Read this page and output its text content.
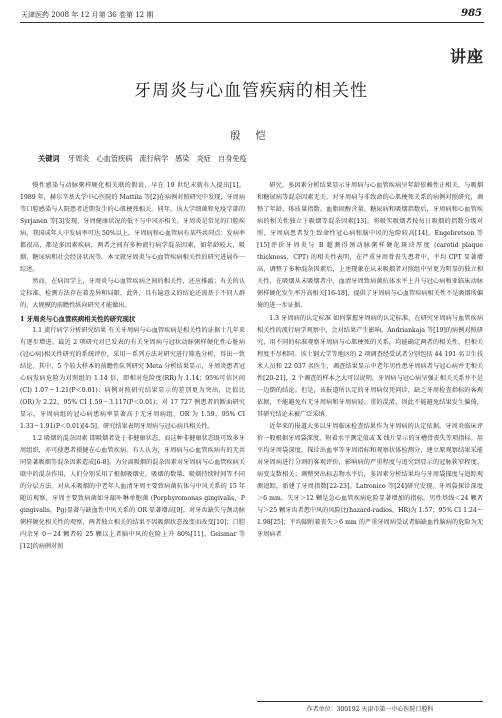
天津医药 2008 年 12 月第 36 卷第 12 期	985
讲座
牙周炎与心血管疾病的相关性
殷 恺
关键词 牙周炎 心血管疾病 流行病学 感染 炎症 自身免疫

慢性感染与动脉粥样硬化相关联的假说，早在 19 世纪末就有人提出[1]。1989 年，赫尔辛基大学中心医院的 Mattila 等[2]在病例对照研究中发现，牙周病等口腔感染与人院患者近期发生的心肌梗死相关。同年，该大学细菌和免疫学部的 Syrjanen 等[3]发现，牙周健康状况的低下与中风亦相关。牙周炎是常见的口腔疾病，我国成年人中发病率可达 50%以上。牙周病和心血管病有某些共同点：发病率都很高，都是多因素疾病，两者之间有多种流行病学混杂因素，如年龄较大、吸烟、糖尿病和社会经济状况等。本文就牙周炎与心血管疾病相关性的研究进展作一综述。

然而，在病因学上，牙周炎与心血管疾病之间的相关性，还应推敲；有关的认定标准、检测方法存在着差异和局限，此外，具有遍意义的结论还需基于不同人群的、大规模的前瞻性纵向研究才能做出。

1 牙周炎与心血管疾病相关性的研究现状

1.1 流行病学分析研究结果 有关牙周病与心血管疾病是相关性的证据十几年来有逐步增进。最近 2 项研究对已发表的有关牙周病与冠状动脉粥样硬化性心脏病(冠心病)相关性研究的系统评价，采用一系列方法对研究进行筛选分析，得出一致结论。其中，5 个较大样本的前瞻性队列研究 Meta 分析结果显示，牙周炎患者冠心病发病危险为对照组的 1.14 倍，即相对危险度(RR)为 1.14；95%可信区间(CI) 1.07～1.21(P＜0.01)；病例对照研究结果显示的差别更为突出，比值比(OR)为 2.22，95% CI 1.59～3.117(P＜0.01)；对 17 727 例患者的断面研究显示，牙周病组的冠心病患病率显著高于无牙周病组，OR 为 1.59，95% CI 1.33～1.91(P＜0.01)[4-5]。研究结果表明牙周病与冠心病具相关性。

1.2 吸烟的混杂因素 即吸烟者处于非健康状态，而这种非健康状态既可致多牙周组织，亦可使患者摄健在心血管疾病。有人认为，牙周病与心血管疾病有的无共同显著吸烟等混杂因素造成[6-8]。为分离吸烟的混杂因素对牙周病与心血管疾病关联中的混杂作用，人们分别采用了根据吸烟史、吸烟的数量、吸烟持续时间等不同的分层方法。对从未吸烟的中老年人血清牙周主要致病菌抗体与中风关系的 15 年随访观察，牙周主要致病菌如牙龈卟啉单胞菌 (Porphyromonas gingivalis，P gingivalis，Pg)显著与缺血性中风关系的 OR 显著增高[9]。对牙齿缺失与颈动脉粥样硬化相关性的观察，两者独立相关的结果不因吸烟状态改变而改变[10]；口腔内余牙 0～24 颗者较 25 颗以上者脑中风的危险上升 80%[11]。Geismar 等[12]的病例对照

研究，多因素分析结果显示牙周病与心血管疾病呈年龄依赖性正相关，与吸烟和糖尿病等混杂因素无关。对牙周病与非致命的心肌梗死关系的病例对照研究，调整了年龄、体质量指数、血脂固醇含量、糖尿病和吸烟指数后，牙周病和心血管疾病的相关性独立于吸烟等混杂因素[13]。将吸实吸烟者按每日吸烟的指数分级对照，牙周病患者发生致命性冠心病和脑中风的危险较高[14]。Engebretson 等[15]评价牙周炎与 B 超测得颈动脉粥样硬化斑块厚度 (carotid plaque thickness，CPT) 的相关性表明，在严重牙周骨丧失患者中，平均 CPT 显著增高，调整了多种混杂因素后，上述现象在从未吸烟者对照组中呈更为明显的独立相关性，在吸烟从未吸烟者中，血清牙周致病菌抗体水平上升与冠心病和亚临床动脉粥样硬化发生率升高相关[16-18]，提供了牙周病与心血管疾病相关性不是吸烟所偏倚的进一步证据。

1.3 牙周病的认定标准 如何掌握牙周病的认定标准，在研究牙周病与血管疾病相关性的流行病学观察中，会对结果产生影响。Andriankaja 等[19]的病例对照研究，用不同的标准观察牙周病与心肌梗死的关系，均能确定两者的相关性，但相关程度不尽相同。该土钢大学等地区的 2 项调查经受试者分别包括 44 191 名卫生技术人员和 22 037 名医生，调查结果显示中老年男性患牙周病者与冠心病并无相关性[20-21]，2 个调查的样本之大可以说明，牙周病与冠心病呈强正相关关系并不是一边倒的结论。但是，该报道所认定的牙周病仅凭问诊，缺乏牙周检查指标的客观依据，不能避免有无牙周病和牙周病轻、重的混淆，因此不能避免结果发生偏倚，其研究结论未被广泛采纳。

近年来的报道大多以牙周临床检查结果作为牙周病的认定依据。牙周炎临床评价一般根据牙周袋深度、附着水平测定值或 X 线片显示的牙槽骨丧失等项指标。用平均牙周袋深度，探诊出血率等牙周指标和观察状体检测分，建立原观察结果采能对牙周病进行分割的客观评价，影响病的严重程度与追究到显示的冠脉狭窄程度、病变支数相关；调整突出标志物水平后，多因素分析结果均与牙周袋探度与追踪观测追踪，新建了牙周指数[22-23]。Latronico 等[24]研究发现，牙周袋探诊深度＞6 mm，失牙＞12 颗是急心血管疾病危险显著增加的指标，男性基线＜24 颗者与＞25 颗牙齿者患中风的风险比(hazard-radios，HR)为 1.57；95% CI 1.24～1.98[25]；平均龈附着丧失＞6 mm 的严重牙周病受试者脑缺血性脑病的危险为无牙周病者

作者单位：300192 天津市第一中心医院口腔科
